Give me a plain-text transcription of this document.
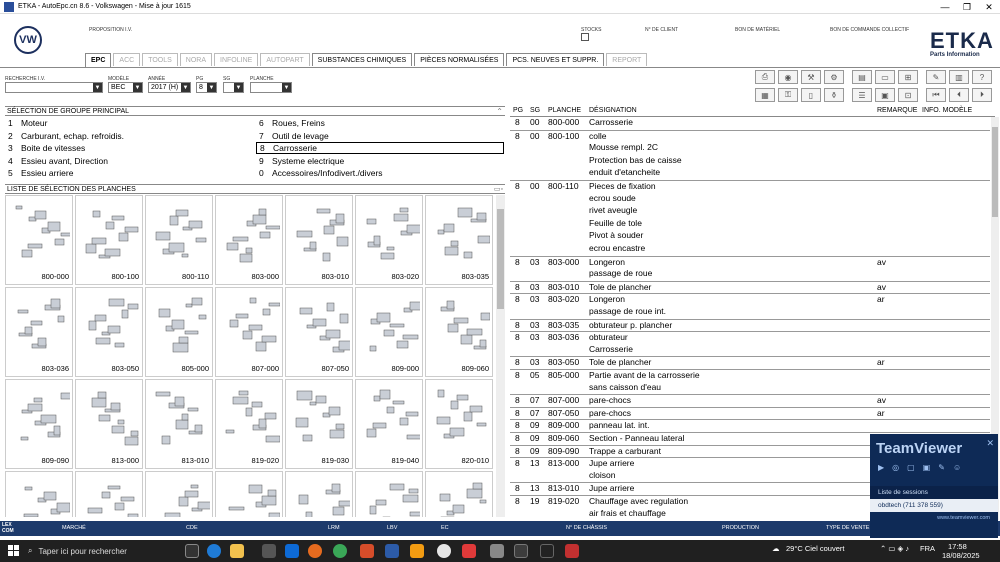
ETKA - AutoEpc.cn 8.6 - Volkswagen - Mise à jour 1615	—	❐	✕
VW
PROPOSITION I.V.	STOCKS	N° DE CLIENT	BON DE MATÉRIEL	BON DE COMMANDE COLLECTIF ETKA
Parts Information
EPC	ACC	TOOLS	NORA	INFOLINE	AUTOPART	SUBSTANCES CHIMIQUES	PIÈCES NORMALISÉES	PCS. NEUVES ET SUPPR.	REPORT
RECHERCHE I.V.
▼
MODÈLE
BEC ▼
ANNÉE
2017 (H) ▼
PG
8 ▼
SG
▼
PLANCHE
▼
⎙	◉	⚒	⚙	▤	▭	⊞	✎	▥	?
▦	⚿	▯	⚱	☰	▣	⊡	⏮	⏴	⏵
SÉLECTION DE GROUPE PRINCIPAL	⌃
1 Moteur
2 Carburant, echap. refroidis.
3 Boite de vitesses
4 Essieu avant, Direction
5 Essieu arriere
6 Roues, Freins
7 Outil de levage
8 Carrosserie
9 Systeme electrique
0 Accessoires/Infodivert./divers
LISTE DE SÉLECTION DES PLANCHES	▭▫
800-000	800-100	800-110	803-000	803-010	803-020	803-035
803-036	803-050	805-000	807-000	807-050	809-000	809-060
809-090	813-000	813-010	819-020	819-030	819-040	820-010
PG SG PLANCHE DÉSIGNATION	REMARQUE INFO. MODÈLE
8 00 800-000 Carrosserie
8 00 800-100 colle
Mousse rempl. 2C
Protection bas de caisse
enduit d'etancheite
8 00 800-110 Pieces de fixation
ecrou soude
rivet aveugle
Feuille de tole
Pivot à souder
ecrou encastre
8 03 803-000 Longeron	av
passage de roue
8 03 803-010 Tole de plancher	av
8 03 803-020 Longeron	ar
passage de roue int.
8 03 803-035 obturateur p. plancher
8 03 803-036 obturateur
Carrosserie
8 03 803-050 Tole de plancher	ar
8 05 805-000 Partie avant de la carrosserie
sans caisson d'eau
8 07 807-000 pare-chocs	av
8 07 807-050 pare-chocs	ar
8 09 809-000 panneau lat. int.
8 09 809-060 Section - Panneau lateral
8 09 809-090 Trappe a carburant
8 13 813-000 Jupe arriere
cloison
8 13 813-010 Jupe arriere
8 19 819-020 Chauffage avec regulation
air frais et chauffage
LEX COM	MARCHÉ	CDE	LRM	LBV	EC	N° DE CHÂSSIS	PRODUCTION	TYPE DE VENTE
TeamViewer	✕
▶ ◎ ▢ ▣ ✎ ☺
Liste de sessions
obdtech (711 378 559)
www.teamviewer.com
⌕ Taper ici pour rechercher	☁ 29°C Ciel couvert	⌃ ▭ ◈ ♪ FRA 17:58
18/08/2025
